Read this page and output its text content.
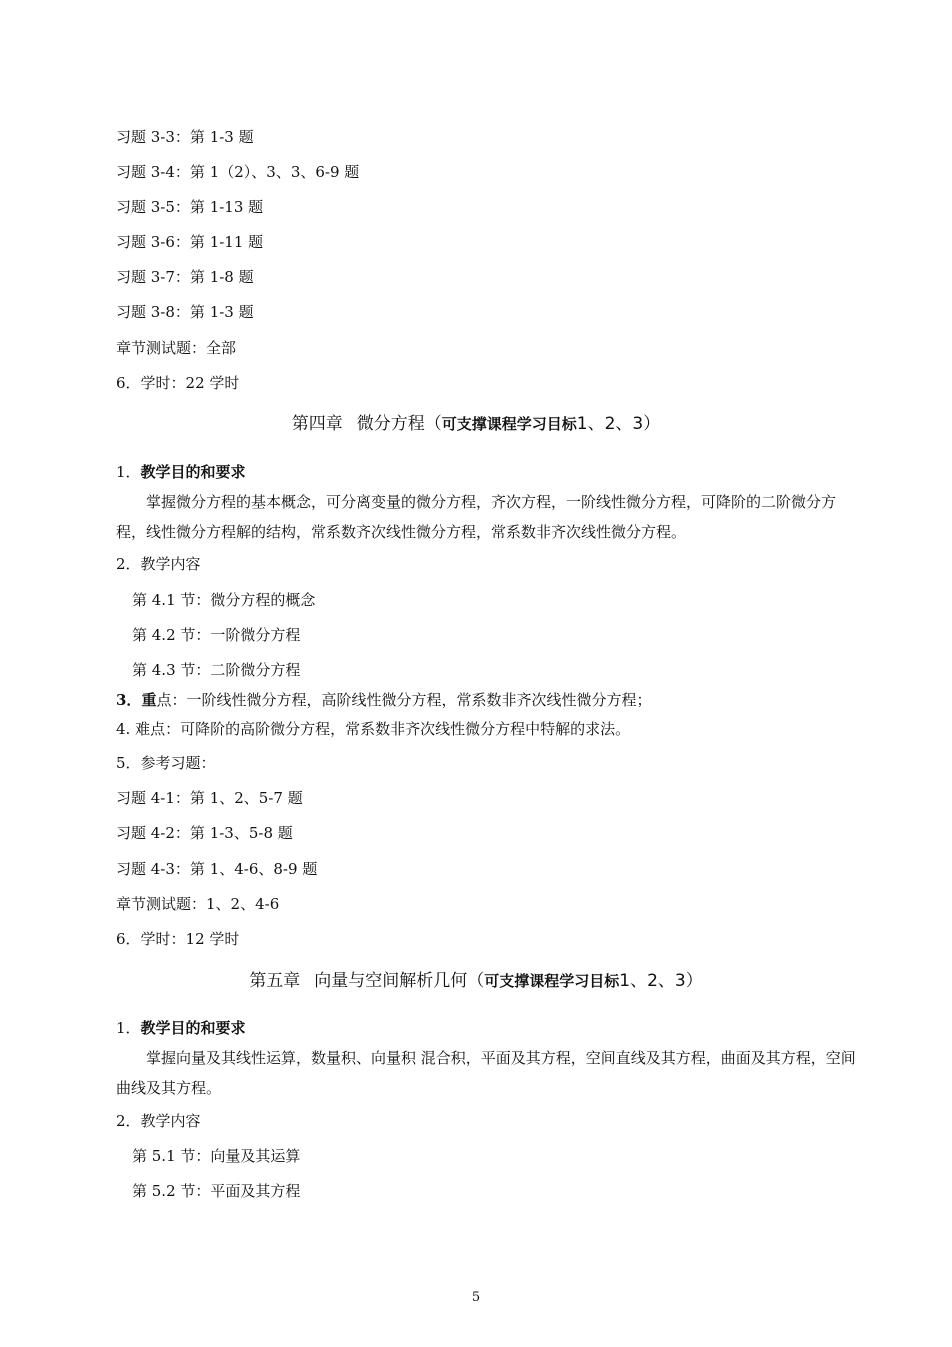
习题 3-3：第 1-3 题
习题 3-4：第 1（2）、3、3、6-9 题
习题 3-5：第 1-13 题
习题 3-6：第 1-11 题
习题 3-7：第 1-8 题
习题 3-8：第 1-3 题
章节测试题：全部
6．学时：22 学时
第四章 微分方程（可支撑课程学习目标1、2、3）
1．教学目的和要求
掌握微分方程的基本概念，可分离变量的微分方程，齐次方程，一阶线性微分方程，可降阶的二阶微分方程，线性微分方程解的结构，常系数齐次线性微分方程，常系数非齐次线性微分方程。
2．教学内容
第 4.1 节：微分方程的概念
第 4.2 节：一阶微分方程
第 4.3 节：二阶微分方程
3．重点：一阶线性微分方程，高阶线性微分方程，常系数非齐次线性微分方程；
4. 难点：可降阶的高阶微分方程，常系数非齐次线性微分方程中特解的求法。
5．参考习题：
习题 4-1：第 1、2、5-7 题
习题 4-2：第 1-3、5-8 题
习题 4-3：第 1、4-6、8-9 题
章节测试题：1、2、4-6
6．学时：12 学时
第五章 向量与空间解析几何（可支撑课程学习目标1、2、3）
1．教学目的和要求
掌握向量及其线性运算，数量积、向量积 混合积，平面及其方程，空间直线及其方程，曲面及其方程，空间曲线及其方程。
2．教学内容
第 5.1 节：向量及其运算
第 5.2 节：平面及其方程
5
